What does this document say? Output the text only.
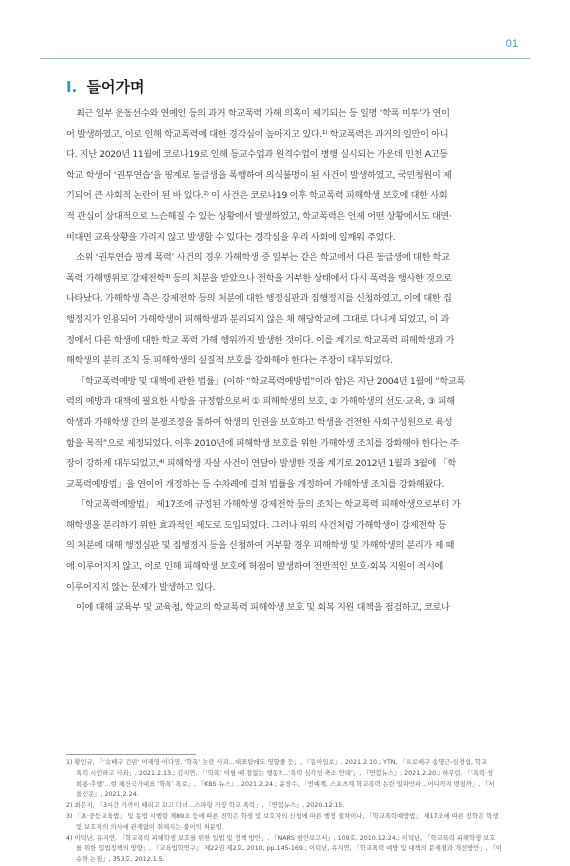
01
Ⅰ. 들어가며

최근 일부 운동선수와 연예인 등의 과거 학교폭력 가해 의혹이 제기되는 등 일명 ‘학폭 미투’가 연이
어 발생하였고, 이로 인해 학교폭력에 대한 경각심이 높아지고 있다.¹⁾ 학교폭력은 과거의 일만이 아니
다. 지난 2020년 11월에 코로나19로 인해 등교수업과 원격수업이 병행 실시되는 가운데 인천 A고등
학교 학생이 ‘권투연습’을 핑계로 동급생을 폭행하여 의식불명이 된 사건이 발생하였고, 국민청원이 제
기되어 큰 사회적 논란이 된 바 있다.²⁾ 이 사건은 코로나19 이후 학교폭력 피해학생 보호에 대한 사회
적 관심이 상대적으로 느슨해질 수 있는 상황에서 발생하였고, 학교폭력은 언제 어떤 상황에서도 대면·
비대면 교육상황을 가리지 않고 발생할 수 있다는 경각심을 우리 사회에 일깨워 주었다.

소위 ‘권투연습 핑계 폭력’ 사건의 경우 가해학생 중 일부는 같은 학교에서 다른 동급생에 대한 학교
폭력 가해행위로 강제전학³⁾ 등의 처분을 받았으나 전학을 거부한 상태에서 다시 폭력을 행사한 것으로
나타났다. 가해학생 측은 강제전학 등의 처분에 대한 행정심판과 집행정지를 신청하였고, 이에 대한 집
행정지가 인용되어 가해학생이 피해학생과 분리되지 않은 채 해당학교에 그대로 다니게 되었고, 이 과
정에서 다른 학생에 대한 학교 폭력 가해 행위까지 발생한 것이다. 이를 계기로 학교폭력 피해학생과 가
해학생의 분리 조치 등 피해학생의 실질적 보호를 강화해야 한다는 주장이 대두되었다.

「학교폭력예방 및 대책에 관한 법률」(이하 “학교폭력예방법”이라 함)은 지난 2004년 1월에 “학교폭
력의 예방과 대책에 필요한 사항을 규정함으로써 ① 피해학생의 보호, ② 가해학생의 선도·교육, ③ 피해
학생과 가해학생 간의 분쟁조정을 통하여 학생의 인권을 보호하고 학생을 건전한 사회구성원으로 육성
함을 목적”으로 제정되었다. 이후 2010년에 피해학생 보호를 위한 가해학생 조치를 강화해야 한다는 주
장이 강하게 대두되었고,⁴⁾ 피해학생 자살 사건이 연달아 발생한 것을 계기로 2012년 1월과 3월에 「학
교폭력예방법」을 연이어 개정하는 등 수차례에 걸쳐 법률을 개정하여 가해학생 조치를 강화해왔다.

「학교폭력예방법」 제17조에 규정된 가해학생 강제전학 등의 조치는 학교폭력 피해학생으로부터 가
해학생을 분리하기 위한 효과적인 제도로 도입되었다. 그러나 위의 사건처럼 가해학생이 강제전학 등
의 처분에 대해 행정심판 및 집행정지 등을 신청하여 거부할 경우 피해학생 및 가해학생의 분리가 제 때
에 이루어지지 않고, 이로 인해 피해학생 보호에 허점이 발생하여 전반적인 보호·회복 지원이 적시에
이루어지지 않는 문제가 발생하고 있다.

이에 대해 교육부 및 교육청, 학교의 학교폭력 피해학생 보호 및 회복 지원 대책을 점검하고, 코로나

1) 황인규, 「‘女배구 간판’ 이재영·이다영, ‘학폭’ 논란 사과…대표팀에도 영향줄 듯」, 『동아일보』, 2021.2.10.; YTN, 「프로배구 송명근-심경섭, 학교
폭력 시인하고 사과」, 2021.2.13.; 김지연, 「‘학폭’ 어릴 때 철없는 행동?…‘폭력 심각성 축소 안돼’」, 『연합뉴스』, 2021.2.20.; 하무림, 「‘폭력·성
희롱·추행’…현 체신국가대표 ‘학폭’ 폭로」, 『KBS 뉴스』, 2021.2.24.; 윤창수, 「연예계, 스포츠계 학교폭력 논란 일파만파…어디까지 번질까」, 『서
울신문』, 2021.2.24.
2) 최은지, 「3시간 가까이 때리고 꼬고 다녀…스파링 가장 학교 폭력」, 『연합뉴스』, 2020.12.15.
3) 「초·중등교육법」 및 동법 시행령 제89조 등에 따른 전학은 학생 및 보호자의 신청에 따른 행정 절차이나, 「학교폭력예방법」 제17조에 따른 전학은 학생
및 보호자의 의사에 관계없이 취해지는 불이익 처분임.
4) 이덕난, 유지연, 「학교폭력 피해학생 보호를 위한 입법 및 정책 방안」, 『NARS 현안보고서』, 109호, 2010.12.24.; 이덕난, 「학교폭력 피해학생 보호
를 위한 입법정책의 방향」, 『교육법학연구』 제22권 제2호, 2010, pp.145-169.; 이덕난, 유지연, 「학교폭력 예방 및 대책의 문제점과 개선방안」, 『이
슈와 논점』, 353호, 2012.1.5.
